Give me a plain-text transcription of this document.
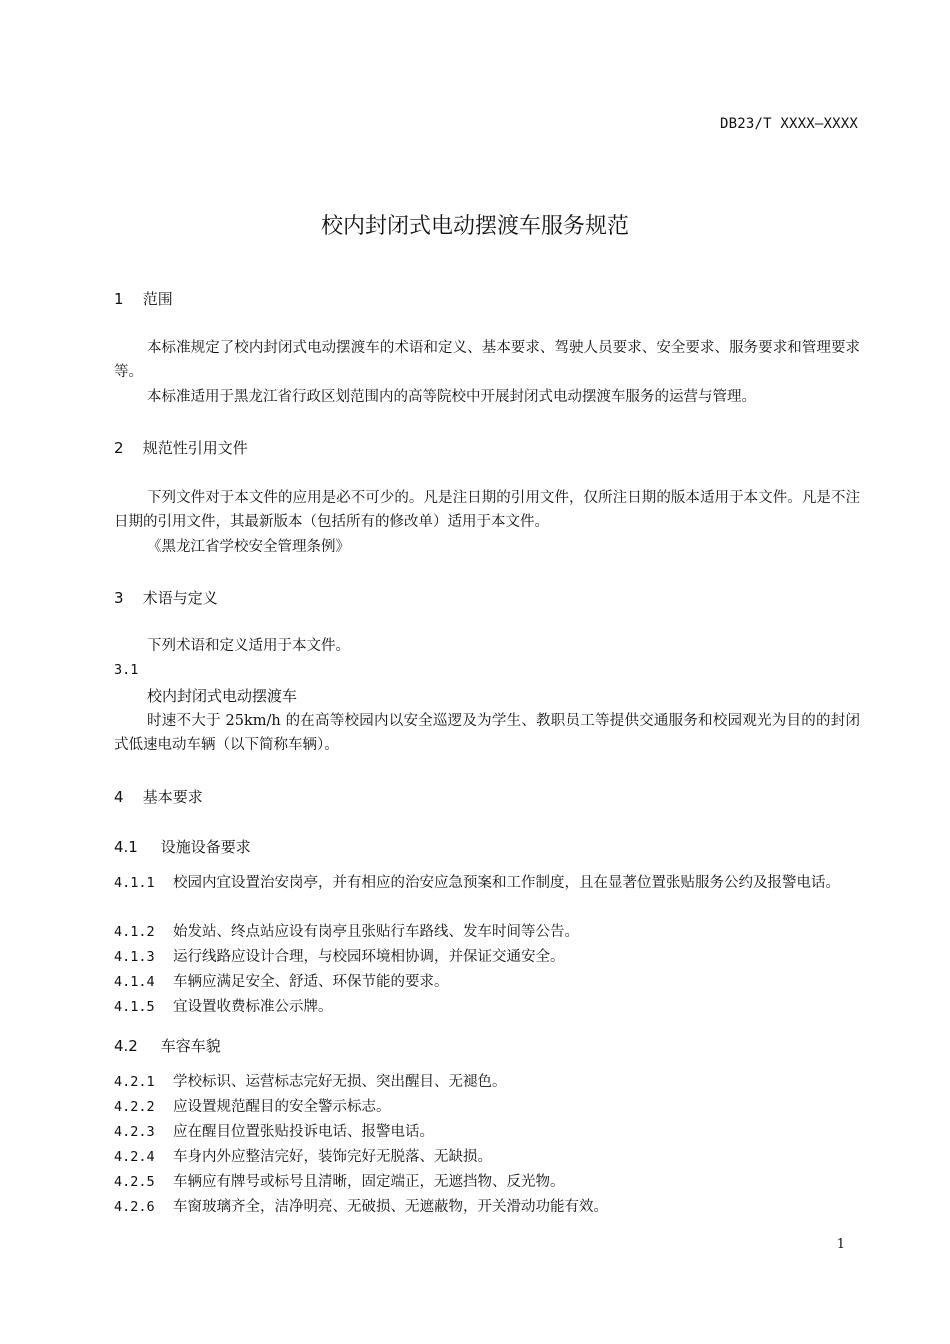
DB23/T XXXX—XXXX
校内封闭式电动摆渡车服务规范
1 范围
本标准规定了校内封闭式电动摆渡车的术语和定义、基本要求、驾驶人员要求、安全要求、服务要求和管理要求等。
本标准适用于黑龙江省行政区划范围内的高等院校中开展封闭式电动摆渡车服务的运营与管理。
2 规范性引用文件
下列文件对于本文件的应用是必不可少的。凡是注日期的引用文件，仅所注日期的版本适用于本文件。凡是不注日期的引用文件，其最新版本（包括所有的修改单）适用于本文件。
《黑龙江省学校安全管理条例》
3 术语与定义
下列术语和定义适用于本文件。
3.1
校内封闭式电动摆渡车
时速不大于 25km/h 的在高等校园内以安全巡逻及为学生、教职员工等提供交通服务和校园观光为目的的封闭式低速电动车辆（以下简称车辆）。
4 基本要求
4.1 设施设备要求
4.1.1 校园内宜设置治安岗亭，并有相应的治安应急预案和工作制度，且在显著位置张贴服务公约及报警电话。
4.1.2 始发站、终点站应设有岗亭且张贴行车路线、发车时间等公告。
4.1.3 运行线路应设计合理，与校园环境相协调，并保证交通安全。
4.1.4 车辆应满足安全、舒适、环保节能的要求。
4.1.5 宜设置收费标准公示牌。
4.2 车容车貌
4.2.1 学校标识、运营标志完好无损、突出醒目、无褪色。
4.2.2 应设置规范醒目的安全警示标志。
4.2.3 应在醒目位置张贴投诉电话、报警电话。
4.2.4 车身内外应整洁完好，装饰完好无脱落、无缺损。
4.2.5 车辆应有牌号或标号且清晰，固定端正，无遮挡物、反光物。
4.2.6 车窗玻璃齐全，洁净明亮、无破损、无遮蔽物，开关滑动功能有效。
1
